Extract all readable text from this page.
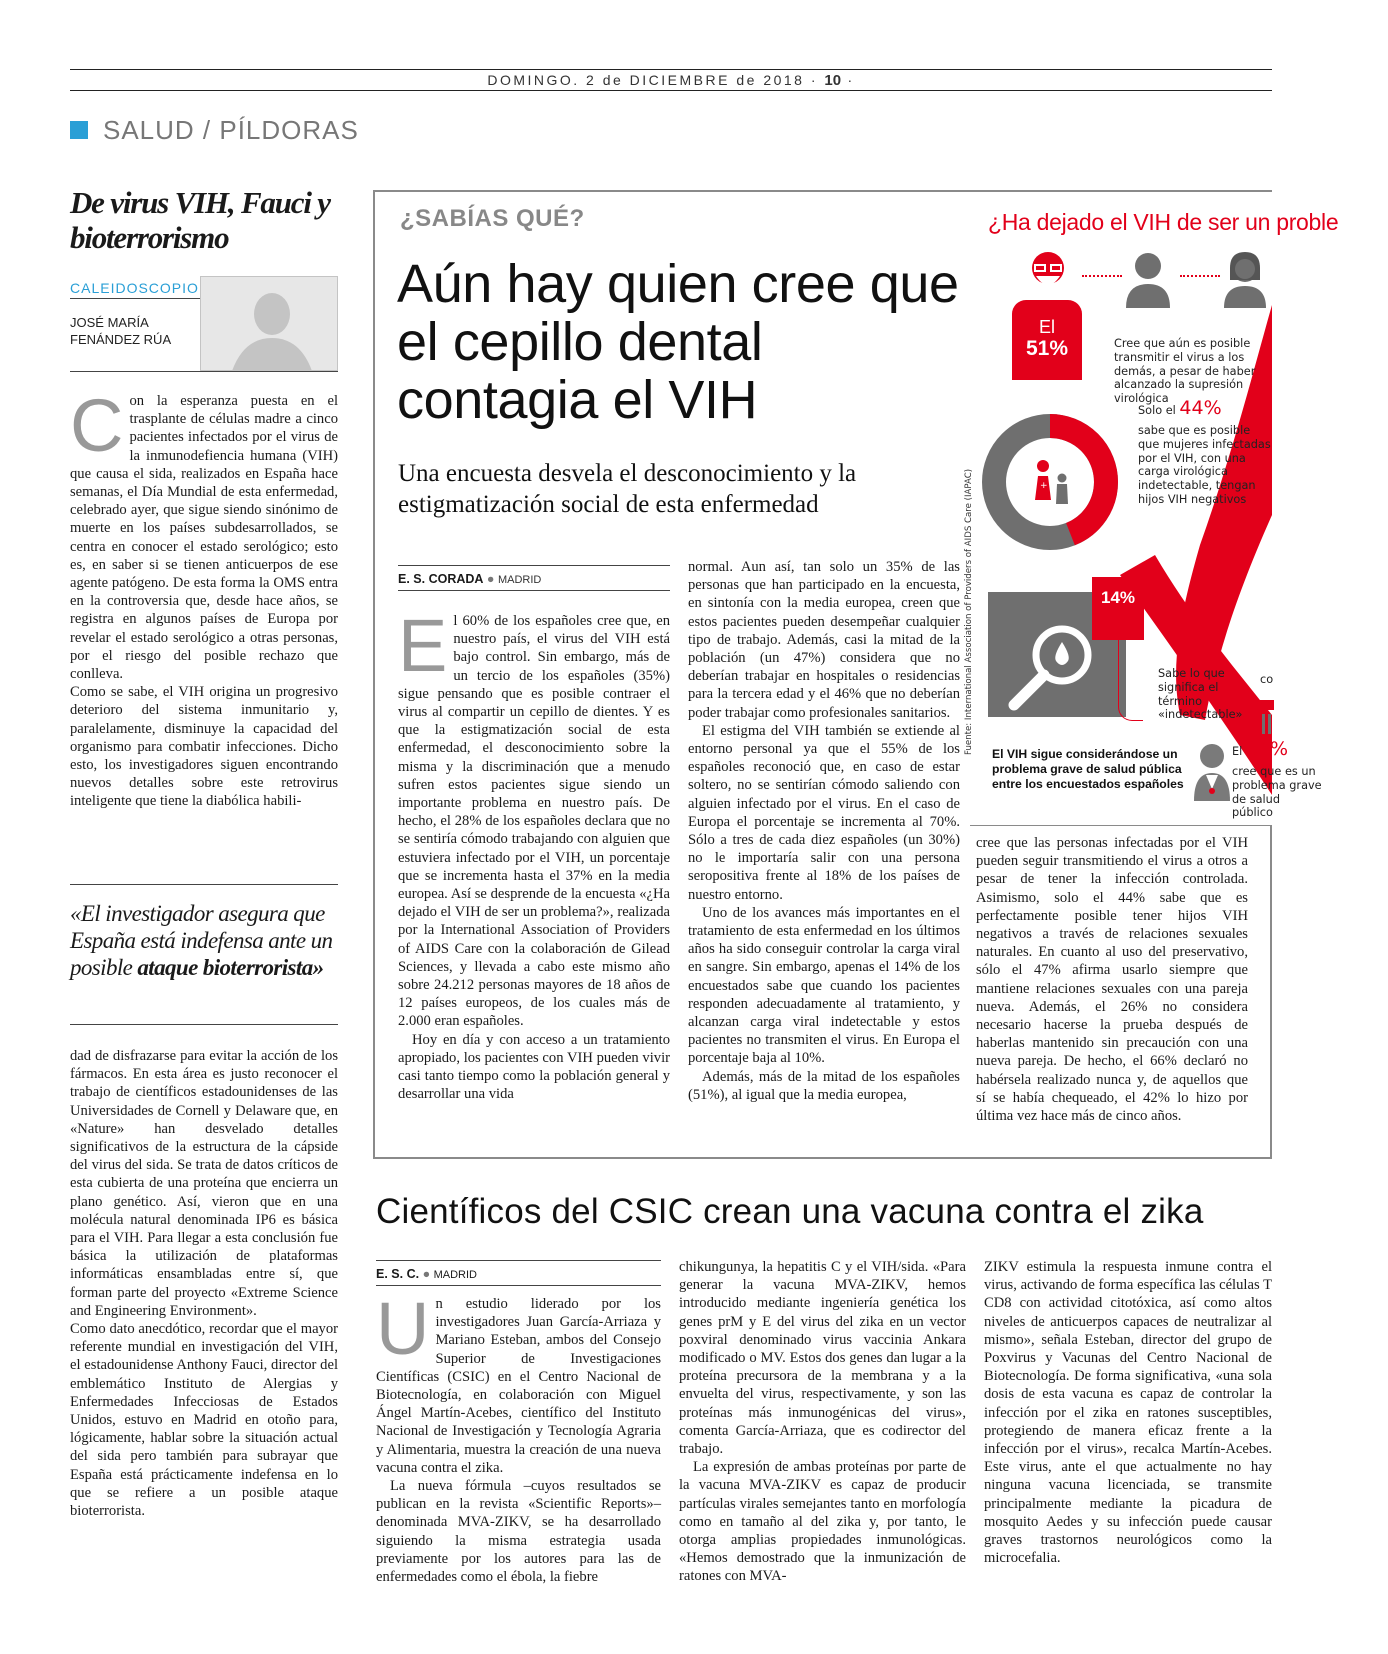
DOMINGO. 2 de DICIEMBRE de 2018 · 10 ·
SALUD / PÍLDORAS
De virus VIH, Fauci y bioterrorismo
CALEIDOSCOPIO
JOSÉ MARÍA FENÁNDEZ RÚA
C on la esperanza puesta en el trasplante de células madre a cinco pacientes infectados por el virus de la inmunodefiencia humana (VIH) que causa el sida, realizados en España hace semanas, el Día Mundial de esta enfermedad, celebrado ayer, que sigue siendo sinónimo de muerte en los países subdesarrollados, se centra en conocer el estado serológico; esto es, en saber si se tienen anticuerpos de ese agente patógeno. De esta forma la OMS entra en la controversia que, desde hace años, se registra en algunos países de Europa por revelar el estado serológico a otras personas, por el riesgo del posible rechazo que conlleva.

Como se sabe, el VIH origina un progresivo deterioro del sistema inmunitario y, paralelamente, disminuye la capacidad del organismo para combatir infecciones. Dicho esto, los investigadores siguen encontrando nuevos detalles sobre este retrovirus inteligente que tiene la diabólica habili-

«El investigador asegura que España está indefensa ante un posible ataque bioterrorista»

dad de disfrazarse para evitar la acción de los fármacos. En esta área es justo reconocer el trabajo de científicos estadounidenses de las Universidades de Cornell y Delaware que, en «Nature» han desvelado detalles significativos de la estructura de la cápside del virus del sida. Se trata de datos críticos de esta cubierta de una proteína que encierra un plano genético. Así, vieron que en una molécula natural denominada IP6 es básica para el VIH. Para llegar a esta conclusión fue básica la utilización de plataformas informáticas ensambladas entre sí, que forman parte del proyecto «Extreme Science and Engineering Environment».

Como dato anecdótico, recordar que el mayor referente mundial en investigación del VIH, el estadounidense Anthony Fauci, director del emblemático Instituto de Alergias y Enfermedades Infecciosas de Estados Unidos, estuvo en Madrid en otoño para, lógicamente, hablar sobre la situación actual del sida pero también para subrayar que España está prácticamente indefensa en lo que se refiere a un posible ataque bioterrorista.

¿SABÍAS QUÉ?
Aún hay quien cree que el cepillo dental contagia el VIH
Una encuesta desvela el desconocimiento y la estigmatización social de esta enfermedad
E. S. CORADA ● MADRID
E l 60% de los españoles cree que, en nuestro país, el virus del VIH está bajo control. Sin embargo, más de un tercio de los españoles (35%) sigue pensando que es posible contraer el virus al compartir un cepillo de dientes. Y es que la estigmatización social de esta enfermedad, el desconocimiento sobre la misma y la discriminación que a menudo sufren estos pacientes sigue siendo un importante problema en nuestro país. De hecho, el 28% de los españoles declara que no se sentiría cómodo trabajando con alguien que estuviera infectado por el VIH, un porcentaje que se incrementa hasta el 37% en la media europea. Así se desprende de la encuesta «¿Ha dejado el VIH de ser un problema?», realizada por la International Association of Providers of AIDS Care con la colaboración de Gilead Sciences, y llevada a cabo este mismo año sobre 24.212 personas mayores de 18 años de 12 países europeos, de los cuales más de 2.000 eran españoles.

Hoy en día y con acceso a un tratamiento apropiado, los pacientes con VIH pueden vivir casi tanto tiempo como la población general y desarrollar una vida

normal. Aun así, tan solo un 35% de las personas que han participado en la encuesta, en sintonía con la media europea, creen que estos pacientes pueden desempeñar cualquier tipo de trabajo. Además, casi la mitad de la población (un 47%) considera que no deberían trabajar en hospitales o residencias para la tercera edad y el 46% que no deberían poder trabajar como profesionales sanitarios.

El estigma del VIH también se extiende al entorno personal ya que el 55% de los españoles reconoció que, en caso de estar soltero, no se sentirían cómodo saliendo con alguien infectado por el virus. En el caso de Europa el porcentaje se incrementa al 70%. Sólo a tres de cada diez españoles (un 30%) no le importaría salir con una persona seropositiva frente al 18% de los países de nuestro entorno.

Uno de los avances más importantes en el tratamiento de esta enfermedad en los últimos años ha sido conseguir controlar la carga viral en sangre. Sin embargo, apenas el 14% de los encuestados sabe que cuando los pacientes responden adecuadamente al tratamiento, y alcanzan carga viral indetectable y estos pacientes no transmiten el virus. En Europa el porcentaje baja al 10%.

Además, más de la mitad de los españoles (51%), al igual que la media europea,

cree que las personas infectadas por el VIH pueden seguir transmitiendo el virus a otros a pesar de tener la infección controlada. Asimismo, solo el 44% sabe que es perfectamente posible tener hijos VIH negativos a través de relaciones sexuales naturales. En cuanto al uso del preservativo, sólo el 47% afirma usarlo siempre que mantiene relaciones sexuales con una pareja nueva. Además, el 26% no considera necesario hacerse la prueba después de haberlas mantenido sin precaución con una nueva pareja. De hecho, el 66% declaró no habérsela realizado nunca y, de aquellos que sí se había chequeado, el 42% lo hizo por última vez hace más de cinco años.

¿Ha dejado el VIH de ser un proble
El
51%	Cree que aún es posible transmitir el virus a los demás, a pesar de haber alcanzado la supresión virológica
+
Solo el 44%
sabe que es posible que mujeres infectadas por el VIH, con una carga virológica indetectable, tengan hijos VIH negativos
Fuente: International Association of Providers of AIDS Care (IAPAC)	14%
Sabe lo que significa el término «indetectable»
El VIH sigue considerándose un problema grave de salud pública entre los encuestados españoles
El 64%
cree que es un problema grave de salud público
co
Científicos del CSIC crean una vacuna contra el zika
E. S. C. ● MADRID
U n estudio liderado por los investigadores Juan García-Arriaza y Mariano Esteban, ambos del Consejo Superior de Investigaciones Científicas (CSIC) en el Centro Nacional de Biotecnología, en colaboración con Miguel Ángel Martín-Acebes, científico del Instituto Nacional de Investigación y Tecnología Agraria y Alimentaria, muestra la creación de una nueva vacuna contra el zika.

La nueva fórmula –cuyos resultados se publican en la revista «Scientific Reports»– denominada MVA-ZIKV, se ha desarrollado siguiendo la misma estrategia usada previamente por los autores para las de enfermedades como el ébola, la fiebre

chikungunya, la hepatitis C y el VIH/sida. «Para generar la vacuna MVA-ZIKV, hemos introducido mediante ingeniería genética los genes prM y E del virus del zika en un vector poxviral denominado virus vaccinia Ankara modificado o MV. Estos dos genes dan lugar a la proteína precursora de la membrana y a la envuelta del virus, respectivamente, y son las proteínas más inmunogénicas del virus», comenta García-Arriaza, que es codirector del trabajo.

La expresión de ambas proteínas por parte de la vacuna MVA-ZIKV es capaz de producir partículas virales semejantes tanto en morfología como en tamaño al del zika y, por tanto, le otorga amplias propiedades inmunológicas. «Hemos demostrado que la inmunización de ratones con MVA-

ZIKV estimula la respuesta inmune contra el virus, activando de forma específica las células T CD8 con actividad citotóxica, así como altos niveles de anticuerpos capaces de neutralizar al mismo», señala Esteban, director del grupo de Poxvirus y Vacunas del Centro Nacional de Biotecnología. De forma significativa, «una sola dosis de esta vacuna es capaz de controlar la infección por el zika en ratones susceptibles, protegiendo de manera eficaz frente a la infección por el virus», recalca Martín-Acebes. Este virus, ante el que actualmente no hay ninguna vacuna licenciada, se transmite principalmente mediante la picadura de mosquito Aedes y su infección puede causar graves trastornos neurológicos como la microcefalia.
